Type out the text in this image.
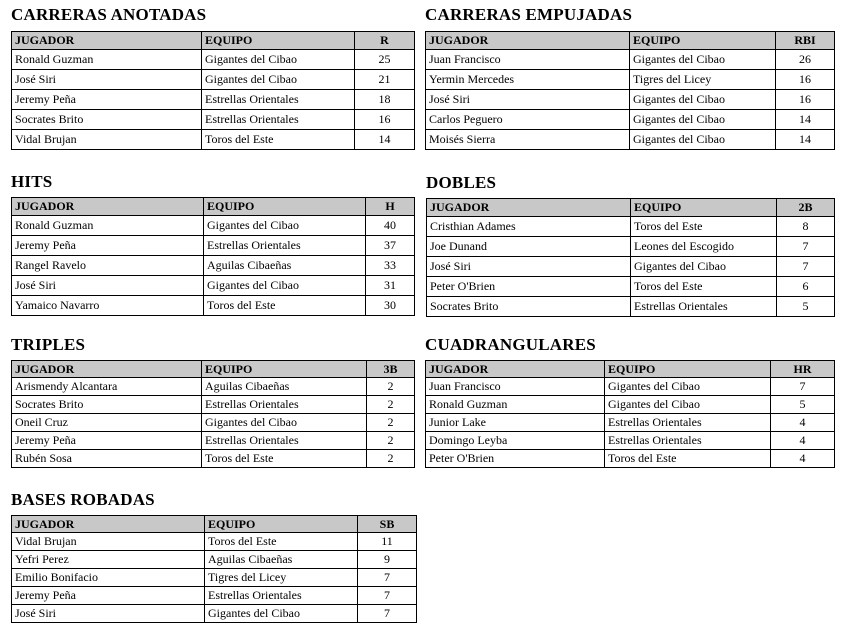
CARRERAS ANOTADAS
JUGADOR	EQUIPO	R
Ronald Guzman	Gigantes del Cibao	25
José Siri	Gigantes del Cibao	21
Jeremy Peña	Estrellas Orientales	18
Socrates Brito	Estrellas Orientales	16
Vidal Brujan	Toros del Este	14
CARRERAS EMPUJADAS
JUGADOR	EQUIPO	RBI
Juan Francisco	Gigantes del Cibao	26
Yermin Mercedes	Tigres del Licey	16
José Siri	Gigantes del Cibao	16
Carlos Peguero	Gigantes del Cibao	14
Moisés Sierra	Gigantes del Cibao	14
HITS
JUGADOR	EQUIPO	H
Ronald Guzman	Gigantes del Cibao	40
Jeremy Peña	Estrellas Orientales	37
Rangel Ravelo	Aguilas Cibaeñas	33
José Siri	Gigantes del Cibao	31
Yamaico Navarro	Toros del Este	30
DOBLES
JUGADOR	EQUIPO	2B
Cristhian Adames	Toros del Este	8
Joe Dunand	Leones del Escogido	7
José Siri	Gigantes del Cibao	7
Peter O'Brien	Toros del Este	6
Socrates Brito	Estrellas Orientales	5
TRIPLES
JUGADOR	EQUIPO	3B
Arismendy Alcantara	Aguilas Cibaeñas	2
Socrates Brito	Estrellas Orientales	2
Oneil Cruz	Gigantes del Cibao	2
Jeremy Peña	Estrellas Orientales	2
Rubén Sosa	Toros del Este	2
CUADRANGULARES
JUGADOR	EQUIPO	HR
Juan Francisco	Gigantes del Cibao	7
Ronald Guzman	Gigantes del Cibao	5
Junior Lake	Estrellas Orientales	4
Domingo Leyba	Estrellas Orientales	4
Peter O'Brien	Toros del Este	4
BASES ROBADAS
JUGADOR	EQUIPO	SB
Vidal Brujan	Toros del Este	11
Yefri Perez	Aguilas Cibaeñas	9
Emilio Bonifacio	Tigres del Licey	7
Jeremy Peña	Estrellas Orientales	7
José Siri	Gigantes del Cibao	7
